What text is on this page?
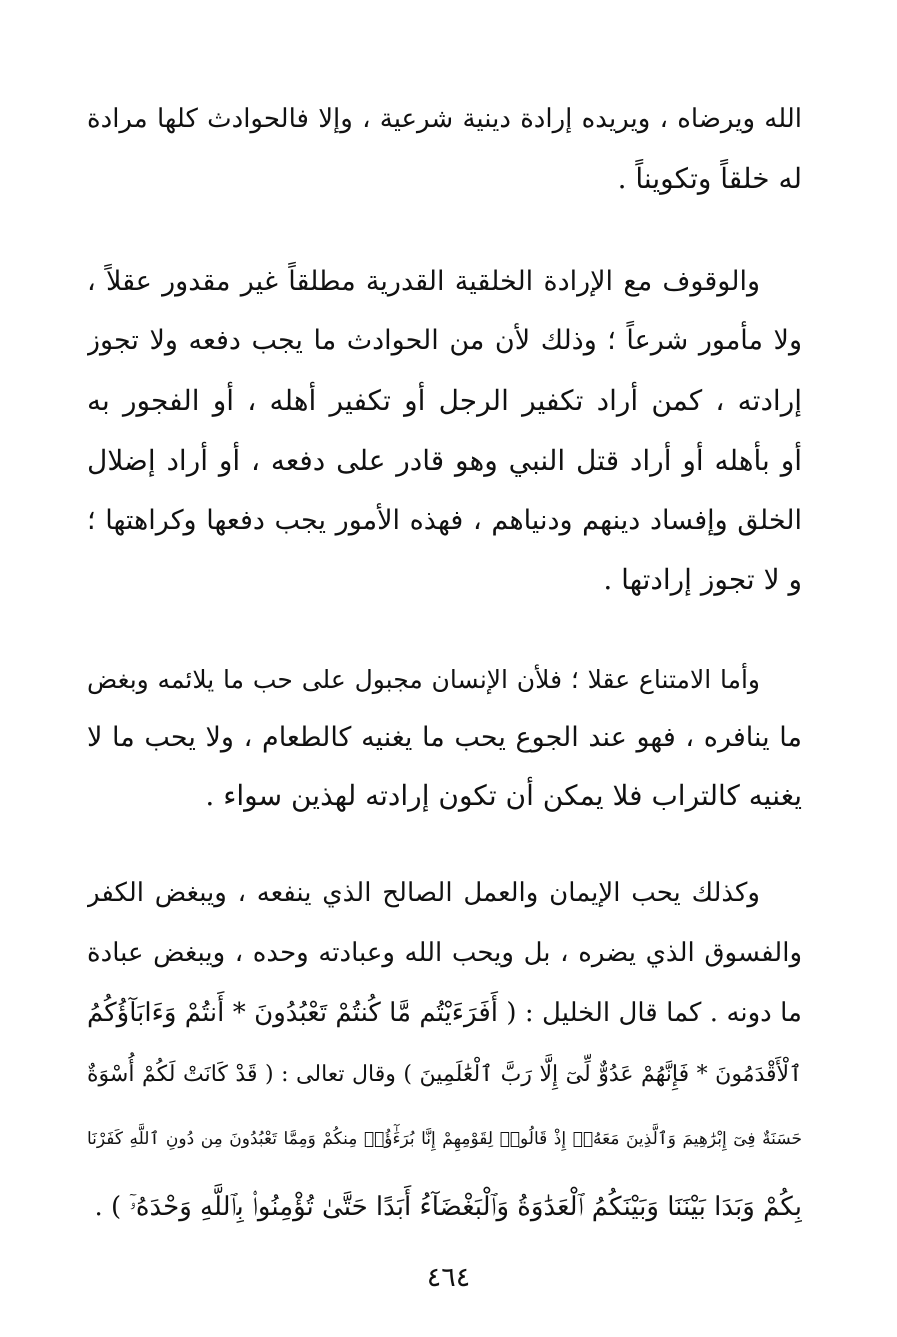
الله ويرضاه ، ويريده إرادة دينية شرعية ، وإلا فالحوادث كلها مرادة
له خلقاً وتكويناً .
والوقوف مع الإرادة الخلقية القدرية مطلقاً غير مقدور عقلاً ،
ولا مأمور شرعاً ؛ وذلك لأن من الحوادث ما يجب دفعه ولا تجوز
إرادته ، كمن أراد تكفير الرجل أو تكفير أهله ، أو الفجور به
أو بأهله أو أراد قتل النبي وهو قادر على دفعه ، أو أراد إضلال
الخلق وإفساد دينهم ودنياهم ، فهذه الأمور يجب دفعها وكراهتها ؛
و لا تجوز إرادتها .
وأما الامتناع عقلا ؛ فلأن الإنسان مجبول على حب ما يلائمه وبغض
ما ينافره ، فهو عند الجوع يحب ما يغنيه كالطعام ، ولا يحب ما لا
يغنيه كالتراب فلا يمكن أن تكون إرادته لهذين سواء .
وكذلك يحب الإيمان والعمل الصالح الذي ينفعه ، ويبغض الكفر
والفسوق الذي يضره ، بل ويحب الله وعبادته وحده ، ويبغض عبادة
ما دونه . كما قال الخليل : ( أَفَرَءَيْتُم مَّا كُنتُمْ تَعْبُدُونَ * أَنتُمْ وَءَابَآؤُكُمُ
ٱلْأَقْدَمُونَ * فَإِنَّهُمْ عَدُوٌّ لِّىٓ إِلَّا رَبَّ ٱلْعَٰلَمِينَ ) وقال تعالى : ( قَدْ كَانَتْ لَكُمْ أُسْوَةٌ
حَسَنَةٌ فِىٓ إِبْرَٰهِيمَ وَٱلَّذِينَ مَعَهُۥٓ إِذْ قَالُوا۟ لِقَوْمِهِمْ إِنَّا بُرَءَٰٓؤُا۟ مِنكُمْ وَمِمَّا تَعْبُدُونَ مِن دُونِ ٱللَّهِ كَفَرْنَا
بِكُمْ وَبَدَا بَيْنَنَا وَبَيْنَكُمُ ٱلْعَدَٰوَةُ وَٱلْبَغْضَآءُ أَبَدًا حَتَّىٰ تُؤْمِنُوا۟ بِٱللَّهِ وَحْدَهُۥٓ ) .
٤٦٤
